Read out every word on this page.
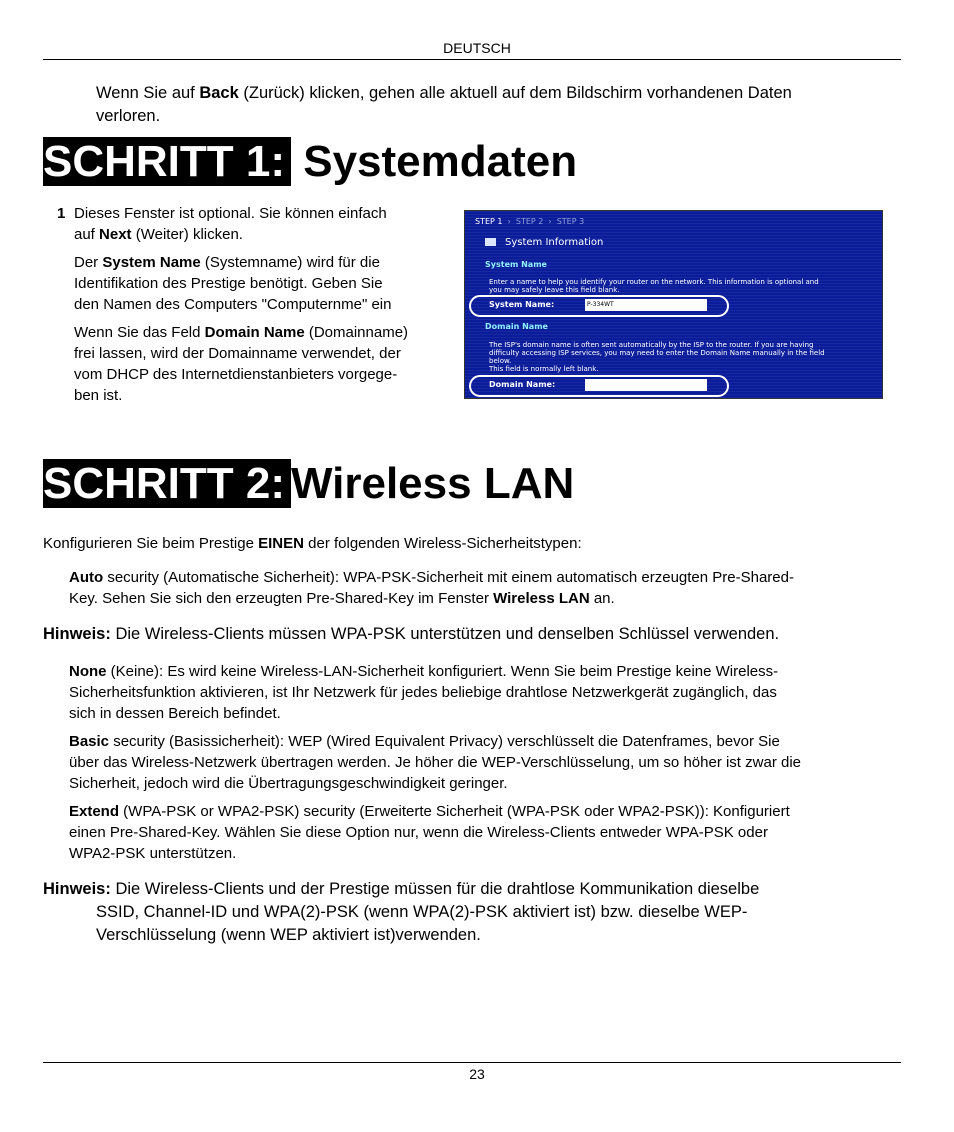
DEUTSCH
Wenn Sie auf Back (Zurück) klicken, gehen alle aktuell auf dem Bildschirm vorhandenen Daten
verloren.
SCHRITT 1: Systemdaten
1 Dieses Fenster ist optional. Sie können einfach
auf Next (Weiter) klicken.
Der System Name (Systemname) wird für die
Identifikation des Prestige benötigt. Geben Sie
den Namen des Computers "Computernme" ein
Wenn Sie das Feld Domain Name (Domainname)
frei lassen, wird der Domainname verwendet, der
vom DHCP des Internetdienstanbieters vorgege-
ben ist.
STEP 1  ›  STEP 2  ›  STEP 3
System Information
System Name
Enter a name to help you identify your router on the network. This information is optional and
you may safely leave this field blank.
System Name:	P-334WT
Domain Name
The ISP's domain name is often sent automatically by the ISP to the router. If you are having
difficulty accessing ISP services, you may need to enter the Domain Name manually in the field
below.
This field is normally left blank.
Domain Name:
SCHRITT 2: Wireless LAN
Konfigurieren Sie beim Prestige EINEN der folgenden Wireless-Sicherheitstypen:
Auto security (Automatische Sicherheit): WPA-PSK-Sicherheit mit einem automatisch erzeugten Pre-Shared-
Key. Sehen Sie sich den erzeugten Pre-Shared-Key im Fenster Wireless LAN an.
Hinweis: Die Wireless-Clients müssen WPA-PSK unterstützen und denselben Schlüssel verwenden.
None (Keine): Es wird keine Wireless-LAN-Sicherheit konfiguriert. Wenn Sie beim Prestige keine Wireless-
Sicherheitsfunktion aktivieren, ist Ihr Netzwerk für jedes beliebige drahtlose Netzwerkgerät zugänglich, das
sich in dessen Bereich befindet.
Basic security (Basissicherheit): WEP (Wired Equivalent Privacy) verschlüsselt die Datenframes, bevor Sie
über das Wireless-Netzwerk übertragen werden. Je höher die WEP-Verschlüsselung, um so höher ist zwar die
Sicherheit, jedoch wird die Übertragungsgeschwindigkeit geringer.
Extend (WPA-PSK or WPA2-PSK) security (Erweiterte Sicherheit (WPA-PSK oder WPA2-PSK)): Konfiguriert
einen Pre-Shared-Key. Wählen Sie diese Option nur, wenn die Wireless-Clients entweder WPA-PSK oder
WPA2-PSK unterstützen.
Hinweis: Die Wireless-Clients und der Prestige müssen für die drahtlose Kommunikation dieselbe
SSID, Channel-ID und WPA(2)-PSK (wenn WPA(2)-PSK aktiviert ist) bzw. dieselbe WEP-
Verschlüsselung (wenn WEP aktiviert ist)verwenden.
23
